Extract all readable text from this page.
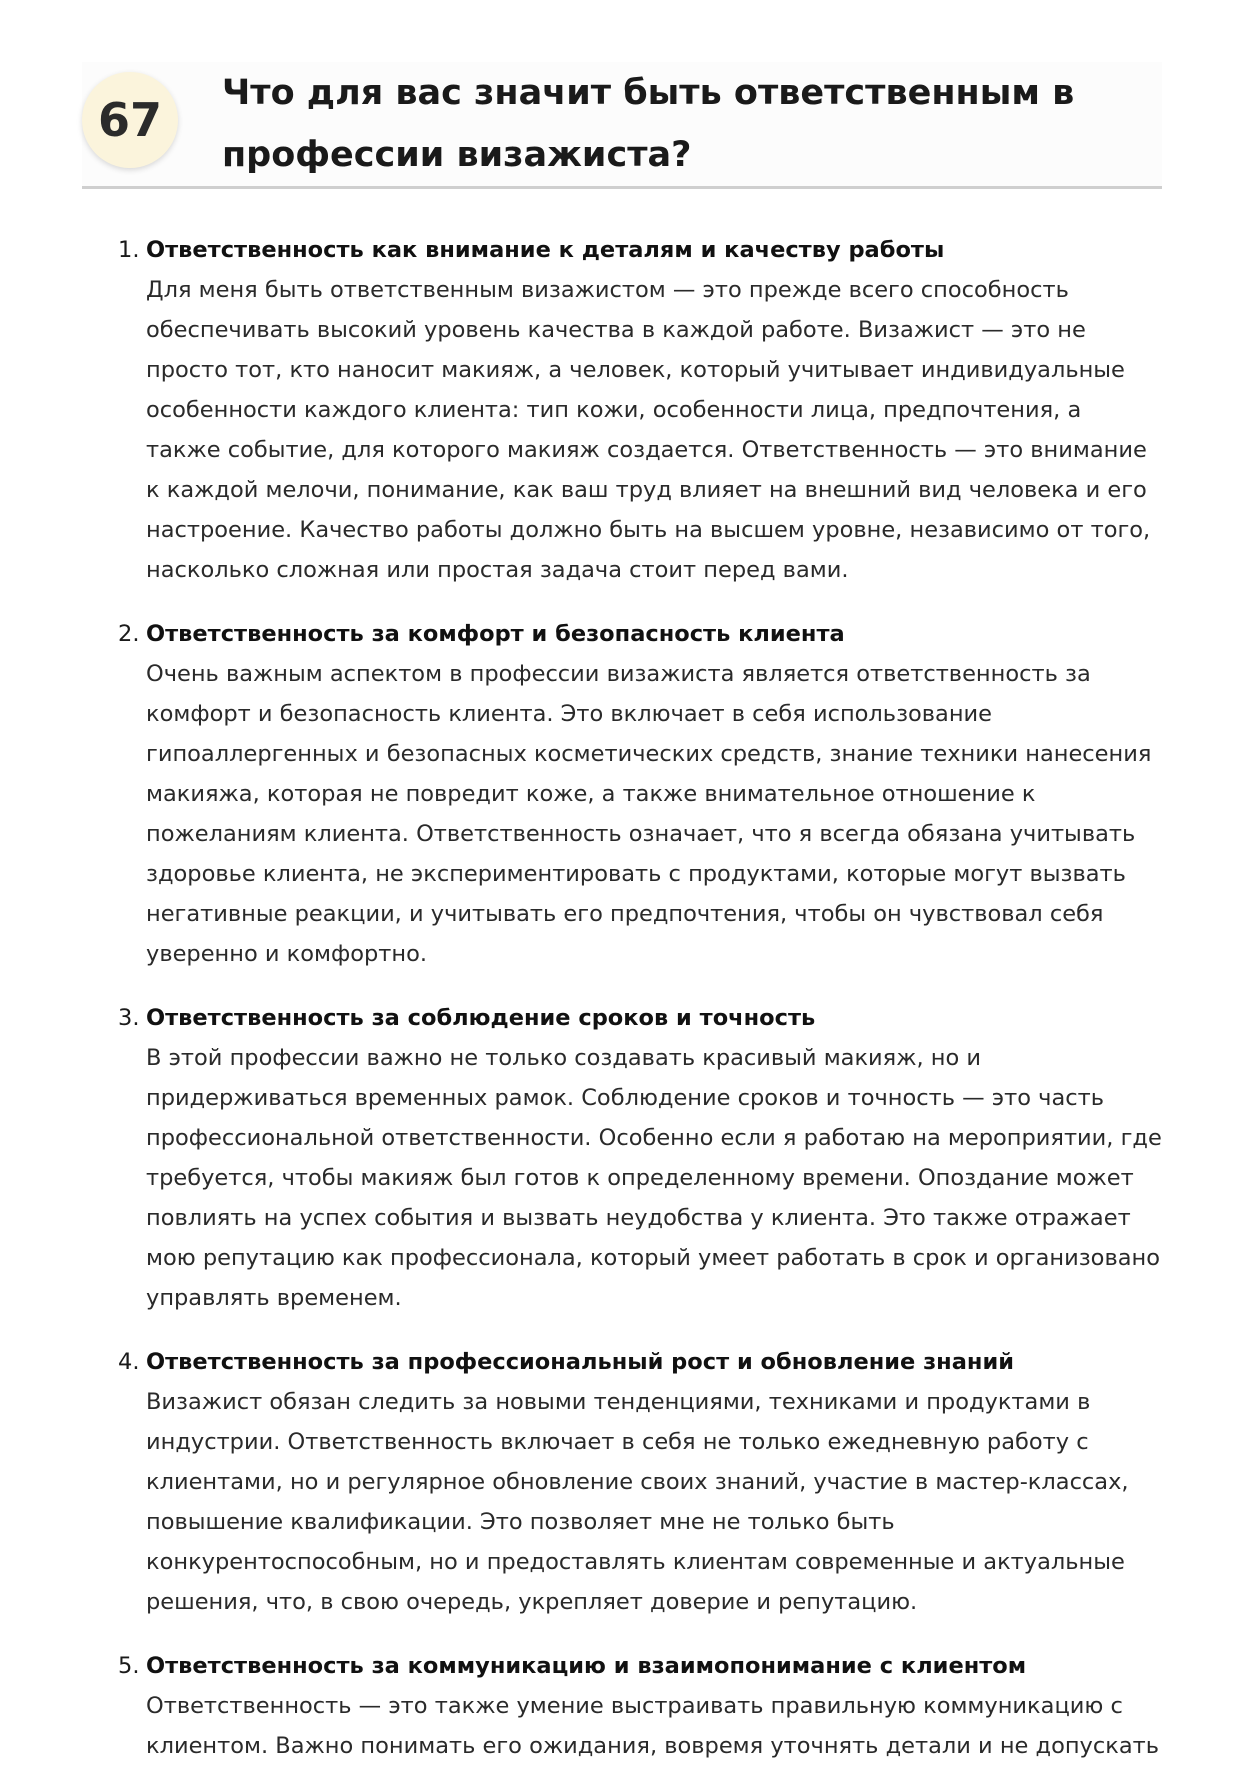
67	Что для вас значит быть ответственным в профессии визажиста?
1. Ответственность как внимание к деталям и качеству работы
Для меня быть ответственным визажистом — это прежде всего способность обеспечивать высокий уровень качества в каждой работе. Визажист — это не просто тот, кто наносит макияж, а человек, который учитывает индивидуальные особенности каждого клиента: тип кожи, особенности лица, предпочтения, а также событие, для которого макияж создается. Ответственность — это внимание к каждой мелочи, понимание, как ваш труд влияет на внешний вид человека и его настроение. Качество работы должно быть на высшем уровне, независимо от того, насколько сложная или простая задача стоит перед вами.
2. Ответственность за комфорт и безопасность клиента
Очень важным аспектом в профессии визажиста является ответственность за комфорт и безопасность клиента. Это включает в себя использование гипоаллергенных и безопасных косметических средств, знание техники нанесения макияжа, которая не повредит коже, а также внимательное отношение к пожеланиям клиента. Ответственность означает, что я всегда обязана учитывать здоровье клиента, не экспериментировать с продуктами, которые могут вызвать негативные реакции, и учитывать его предпочтения, чтобы он чувствовал себя уверенно и комфортно.
3. Ответственность за соблюдение сроков и точность
В этой профессии важно не только создавать красивый макияж, но и придерживаться временных рамок. Соблюдение сроков и точность — это часть профессиональной ответственности. Особенно если я работаю на мероприятии, где требуется, чтобы макияж был готов к определенному времени. Опоздание может повлиять на успех события и вызвать неудобства у клиента. Это также отражает мою репутацию как профессионала, который умеет работать в срок и организовано управлять временем.
4. Ответственность за профессиональный рост и обновление знаний
Визажист обязан следить за новыми тенденциями, техниками и продуктами в индустрии. Ответственность включает в себя не только ежедневную работу с клиентами, но и регулярное обновление своих знаний, участие в мастер-классах, повышение квалификации. Это позволяет мне не только быть конкурентоспособным, но и предоставлять клиентам современные и актуальные решения, что, в свою очередь, укрепляет доверие и репутацию.
5. Ответственность за коммуникацию и взаимопонимание с клиентом
Ответственность — это также умение выстраивать правильную коммуникацию с клиентом. Важно понимать его ожидания, вовремя уточнять детали и не допускать
